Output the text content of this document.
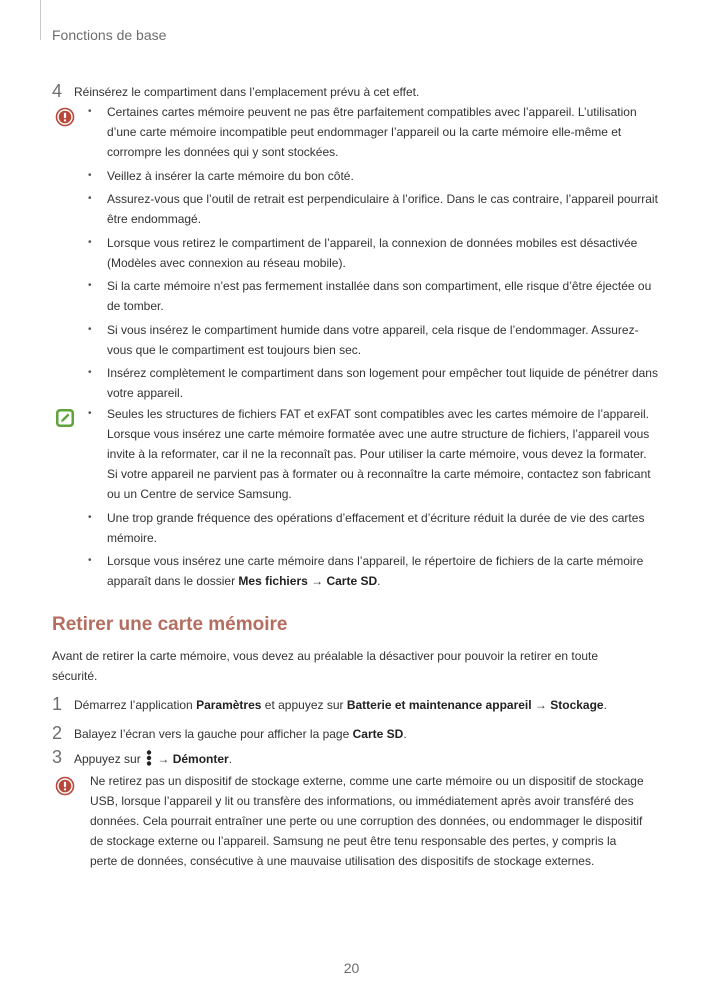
Fonctions de base
4 Réinsérez le compartiment dans l’emplacement prévu à cet effet.
• Certaines cartes mémoire peuvent ne pas être parfaitement compatibles avec l’appareil. L’utilisation d’une carte mémoire incompatible peut endommager l’appareil ou la carte mémoire elle-même et corrompre les données qui y sont stockées.
• Veillez à insérer la carte mémoire du bon côté.
• Assurez-vous que l’outil de retrait est perpendiculaire à l’orifice. Dans le cas contraire, l’appareil pourrait être endommagé.
• Lorsque vous retirez le compartiment de l’appareil, la connexion de données mobiles est désactivée (Modèles avec connexion au réseau mobile).
• Si la carte mémoire n’est pas fermement installée dans son compartiment, elle risque d’être éjectée ou de tomber.
• Si vous insérez le compartiment humide dans votre appareil, cela risque de l’endommager. Assurez-vous que le compartiment est toujours bien sec.
• Insérez complètement le compartiment dans son logement pour empêcher tout liquide de pénétrer dans votre appareil.
• Seules les structures de fichiers FAT et exFAT sont compatibles avec les cartes mémoire de l’appareil. Lorsque vous insérez une carte mémoire formatée avec une autre structure de fichiers, l’appareil vous invite à la reformater, car il ne la reconnaît pas. Pour utiliser la carte mémoire, vous devez la formater. Si votre appareil ne parvient pas à formater ou à reconnaître la carte mémoire, contactez son fabricant ou un Centre de service Samsung.
• Une trop grande fréquence des opérations d’effacement et d’écriture réduit la durée de vie des cartes mémoire.
• Lorsque vous insérez une carte mémoire dans l’appareil, le répertoire de fichiers de la carte mémoire apparaît dans le dossier Mes fichiers → Carte SD.
Retirer une carte mémoire
Avant de retirer la carte mémoire, vous devez au préalable la désactiver pour pouvoir la retirer en toute sécurité.
1 Démarrez l’application Paramètres et appuyez sur Batterie et maintenance appareil → Stockage.
2 Balayez l’écran vers la gauche pour afficher la page Carte SD.
3 Appuyez sur  → Démonter.
Ne retirez pas un dispositif de stockage externe, comme une carte mémoire ou un dispositif de stockage USB, lorsque l’appareil y lit ou transfère des informations, ou immédiatement après avoir transféré des données. Cela pourrait entraîner une perte ou une corruption des données, ou endommager le dispositif de stockage externe ou l’appareil. Samsung ne peut être tenu responsable des pertes, y compris la perte de données, consécutive à une mauvaise utilisation des dispositifs de stockage externes.
20
